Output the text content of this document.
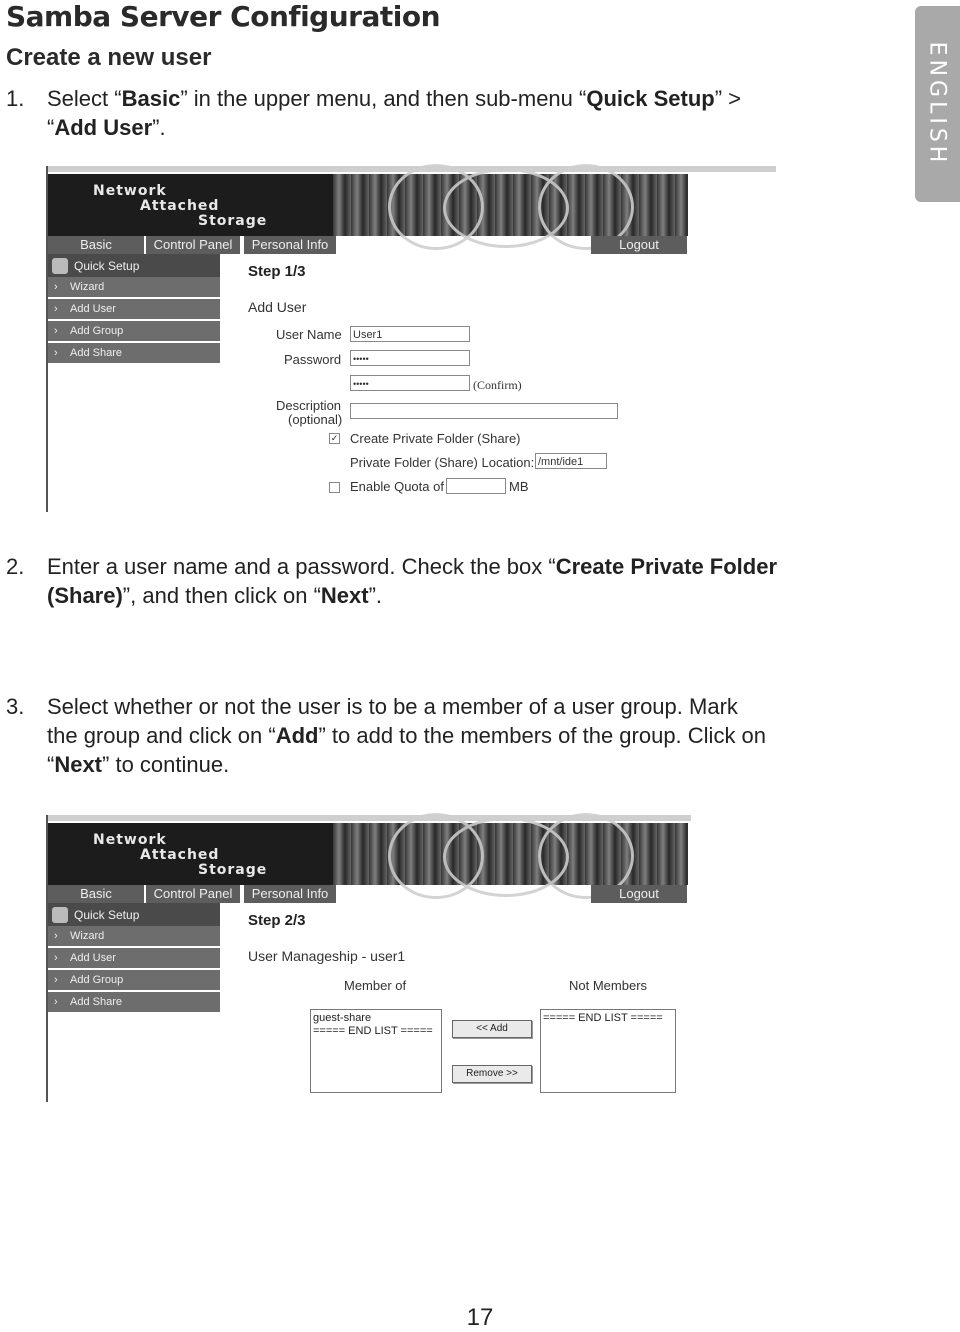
Samba Server Configuration
Create a new user	ENGLISH
1. Select “Basic” in the upper menu, and then sub-menu “Quick Setup” >
“Add User”.
Network
Attached
Storage
Basic	Control Panel	Personal Info	Logout
Quick Setup
› Wizard
› Add User
› Add Group
› Add Share
Step 1/3
Add User
User Name User1
Password	•••••
•••••	(Confirm)
Description
(optional)
✓ Create Private Folder (Share)
Private Folder (Share) Location: /mnt/ide1
Enable Quota of	MB
2. Enter a user name and a password. Check the box “Create Private Folder
(Share)”, and then click on “Next”.
3. Select whether or not the user is to be a member of a user group. Mark
the group and click on “Add” to add to the members of the group. Click on
“Next” to continue.
Network
Attached
Storage
Basic	Control Panel	Personal Info	Logout
Quick Setup
› Wizard
› Add User
› Add Group
› Add Share
Step 2/3
User Manageship - user1
Member of	Not Members
guest-share
===== END LIST =====	<< Add
Remove >>
===== END LIST =====
17
